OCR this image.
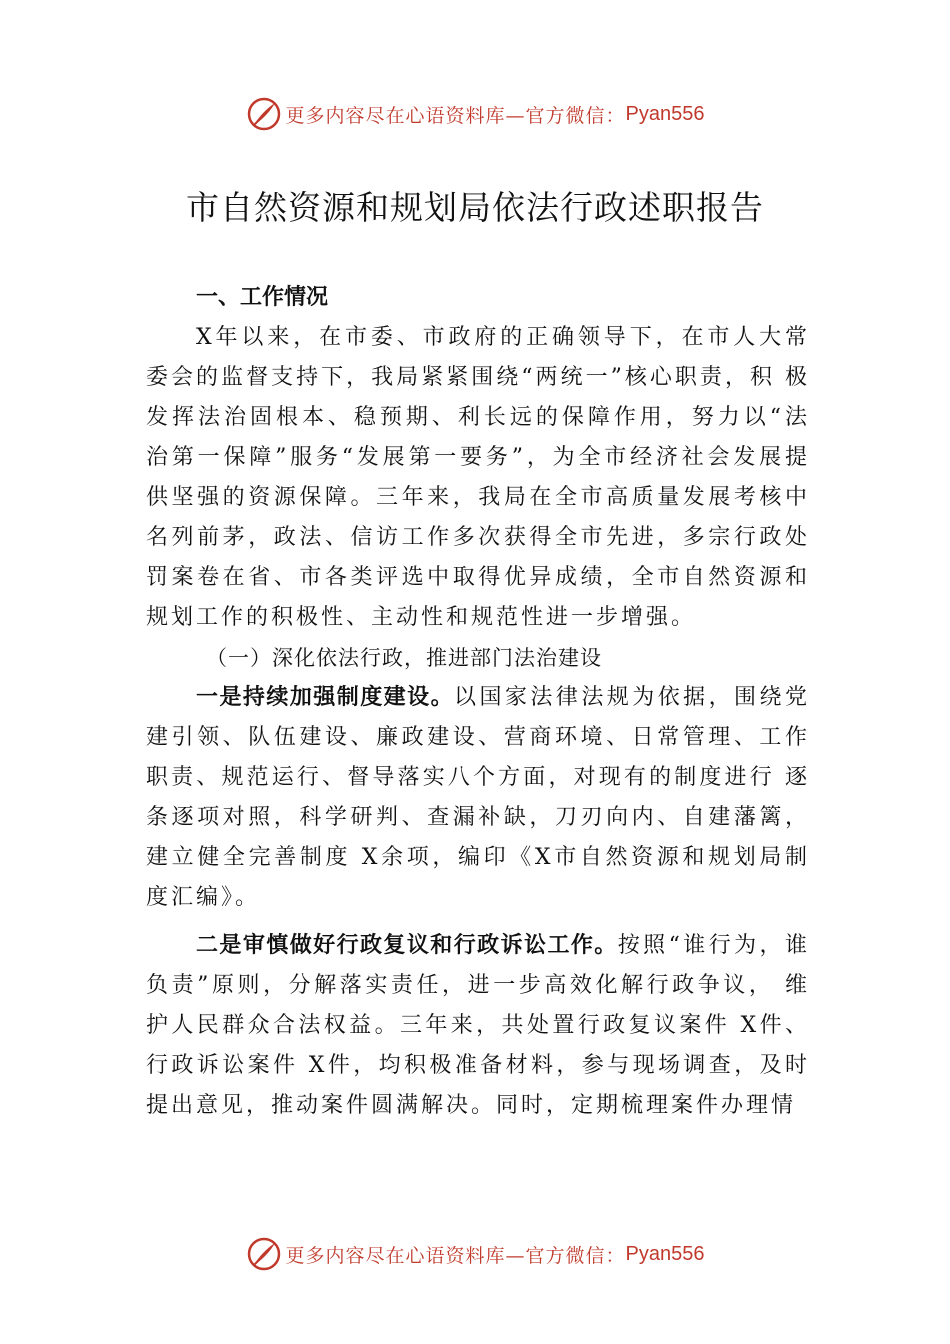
更多内容尽在心语资料库—官方微信： Pyan556
市自然资源和规划局依法行政述职报告
一、工作情况

X年以来，在市委、市政府的正确领导下，在市人大常委会的监督支持下，我局紧紧围绕“两统一”核心职责，积 极发挥法治固根本、稳预期、利长远的保障作用，努力以“法治第一保障”服务“发展第一要务”，为全市经济社会发展提供坚强的资源保障。三年来，我局在全市高质量发展考核中名列前茅，政法、信访工作多次获得全市先进，多宗行政处罚案卷在省、市各类评选中取得优异成绩，全市自然资源和规划工作的积极性、主动性和规范性进一步增强。

（一）深化依法行政，推进部门法治建设

一是持续加强制度建设。以国家法律法规为依据，围绕党建引领、队伍建设、廉政建设、营商环境、日常管理、工作职责、规范运行、督导落实八个方面，对现有的制度进行 逐条逐项对照，科学研判、查漏补缺，刀刃向内、自建藩篱， 建立健全完善制度 X余项，编印《X市自然资源和规划局制度汇编》。

二是审慎做好行政复议和行政诉讼工作。按照“谁行为，谁负责”原则，分解落实责任，进一步高效化解行政争议， 维护人民群众合法权益。三年来，共处置行政复议案件 X件、行政诉讼案件 X件，均积极准备材料，参与现场调查，及时提出意见，推动案件圆满解决。同时，定期梳理案件办理情

更多内容尽在心语资料库—官方微信： Pyan556
